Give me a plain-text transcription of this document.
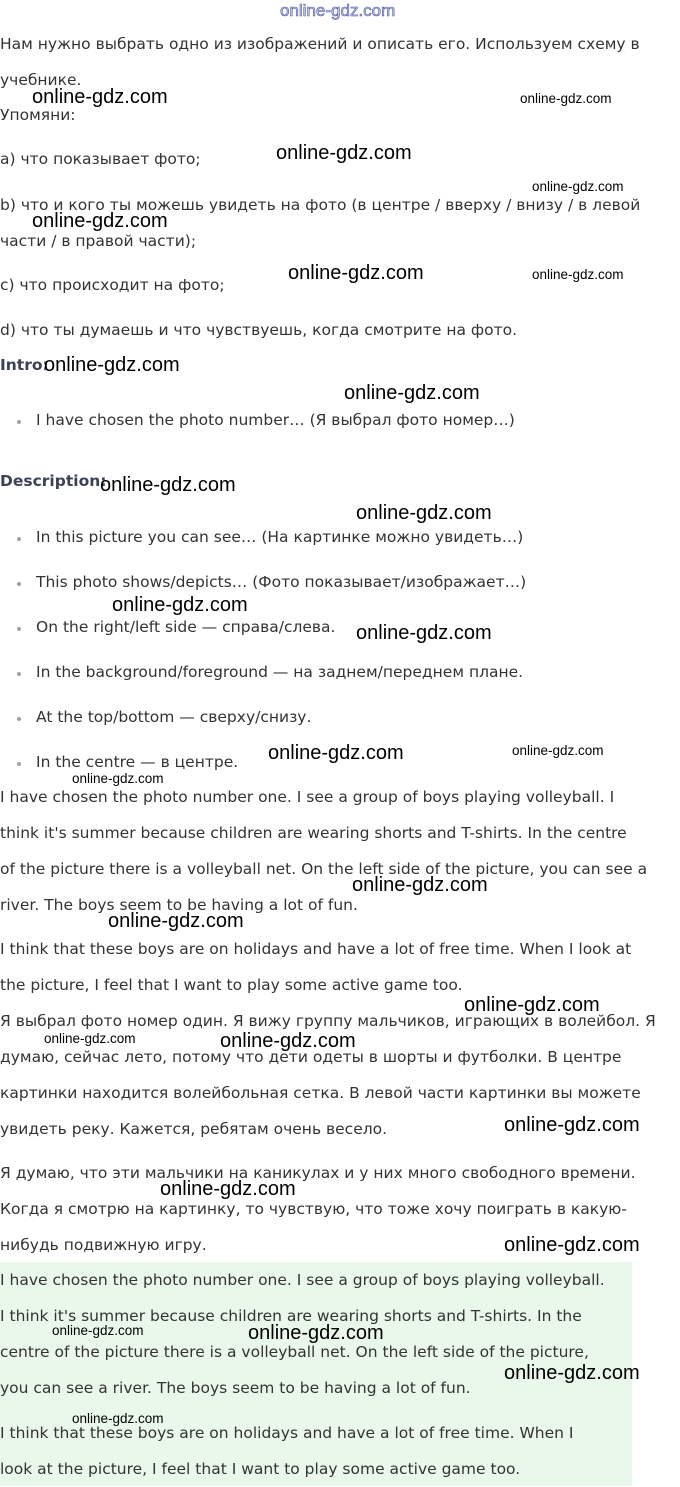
online-gdz.com
Нам нужно выбрать одно из изображений и описать его. Используем схему в
учебнике.
Упомяни:
a) что показывает фото;
b) что и кого ты можешь увидеть на фото (в центре / вверху / внизу / в левой
части / в правой части);
c) что происходит на фото;
d) что ты думаешь и что чувствуешь, когда смотрите на фото.
Intro:
I have chosen the photo number… (Я выбрал фото номер…)
Description:
In this picture you can see… (На картинке можно увидеть…)
This photo shows/depicts… (Фото показывает/изображает…)
On the right/left side — справа/слева.
In the background/foreground — на заднем/переднем плане.
At the top/bottom — сверху/снизу.
In the centre — в центре.
I have chosen the photo number one. I see a group of boys playing volleyball. I
think it's summer because children are wearing shorts and T-shirts. In the centre
of the picture there is a volleyball net. On the left side of the picture, you can see a
river. The boys seem to be having a lot of fun.
I think that these boys are on holidays and have a lot of free time. When I look at
the picture, I feel that I want to play some active game too.
Я выбрал фото номер один. Я вижу группу мальчиков, играющих в волейбол. Я
думаю, сейчас лето, потому что дети одеты в шорты и футболки. В центре
картинки находится волейбольная сетка. В левой части картинки вы можете
увидеть реку. Кажется, ребятам очень весело.
Я думаю, что эти мальчики на каникулах и у них много свободного времени.
Когда я смотрю на картинку, то чувствую, что тоже хочу поиграть в какую-
нибудь подвижную игру.
I have chosen the photo number one. I see a group of boys playing volleyball.
I think it's summer because children are wearing shorts and T-shirts. In the
centre of the picture there is a volleyball net. On the left side of the picture,
you can see a river. The boys seem to be having a lot of fun.
I think that these boys are on holidays and have a lot of free time. When I
look at the picture, I feel that I want to play some active game too.
online-gdz.com	online-gdz.com
online-gdz.com
online-gdz.com
online-gdz.com
online-gdz.com	online-gdz.com
online-gdz.com
online-gdz.com
online-gdz.com
online-gdz.com
online-gdz.com
online-gdz.com
online-gdz.com	online-gdz.com
online-gdz.com
online-gdz.com
online-gdz.com
online-gdz.com
online-gdz.com	online-gdz.com
online-gdz.com
online-gdz.com
online-gdz.com
online-gdz.com	online-gdz.com
online-gdz.com
online-gdz.com
